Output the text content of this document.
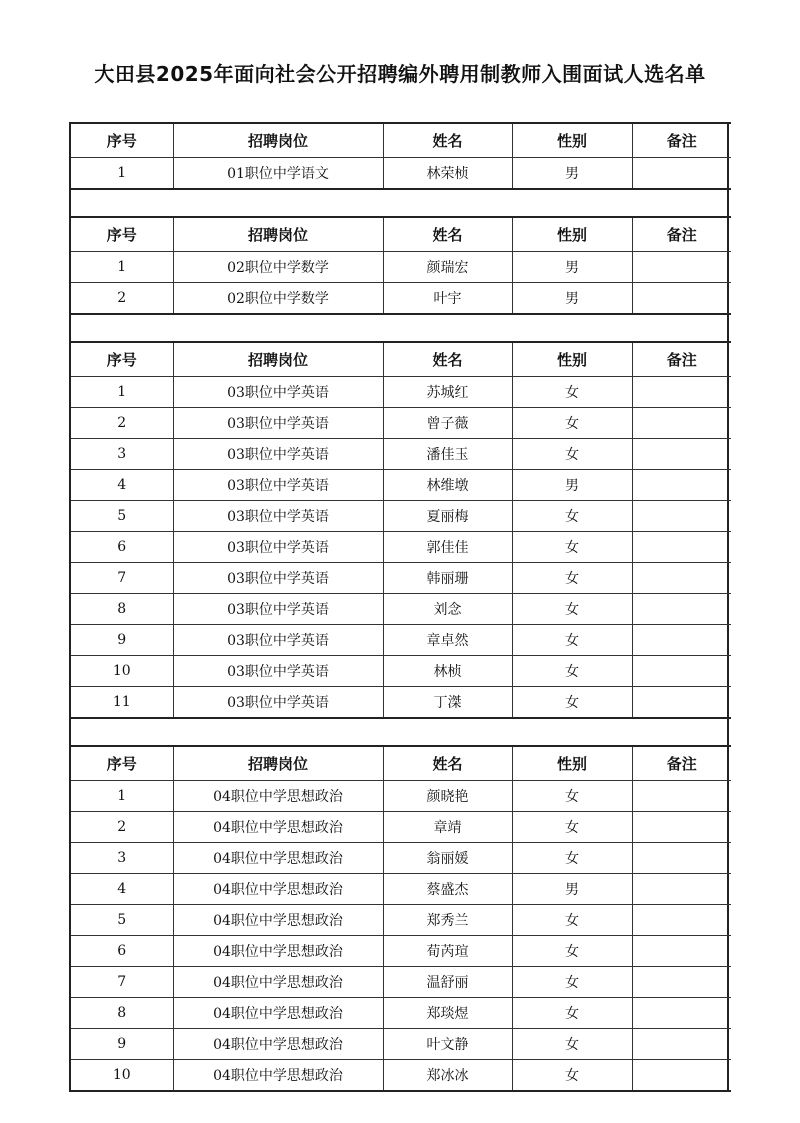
大田县2025年面向社会公开招聘编外聘用制教师入围面试人选名单
序号	招聘岗位	姓名	性别	备注
1	01职位中学语文	林荣桢	男	
序号	招聘岗位	姓名	性别	备注
1	02职位中学数学	颜瑞宏	男	
2	02职位中学数学	叶宇	男	
序号	招聘岗位	姓名	性别	备注
1	03职位中学英语	苏城红	女	
2	03职位中学英语	曾子薇	女	
3	03职位中学英语	潘佳玉	女	
4	03职位中学英语	林维墩	男	
5	03职位中学英语	夏丽梅	女	
6	03职位中学英语	郭佳佳	女	
7	03职位中学英语	韩丽珊	女	
8	03职位中学英语	刘念	女	
9	03职位中学英语	章卓然	女	
10	03职位中学英语	林桢	女	
11	03职位中学英语	丁滐	女	
序号	招聘岗位	姓名	性别	备注
1	04职位中学思想政治	颜晓艳	女	
2	04职位中学思想政治	章靖	女	
3	04职位中学思想政治	翁丽媛	女	
4	04职位中学思想政治	蔡盛杰	男	
5	04职位中学思想政治	郑秀兰	女	
6	04职位中学思想政治	荀芮瑄	女	
7	04职位中学思想政治	温舒丽	女	
8	04职位中学思想政治	郑琰煜	女	
9	04职位中学思想政治	叶文静	女	
10	04职位中学思想政治	郑冰冰	女	
